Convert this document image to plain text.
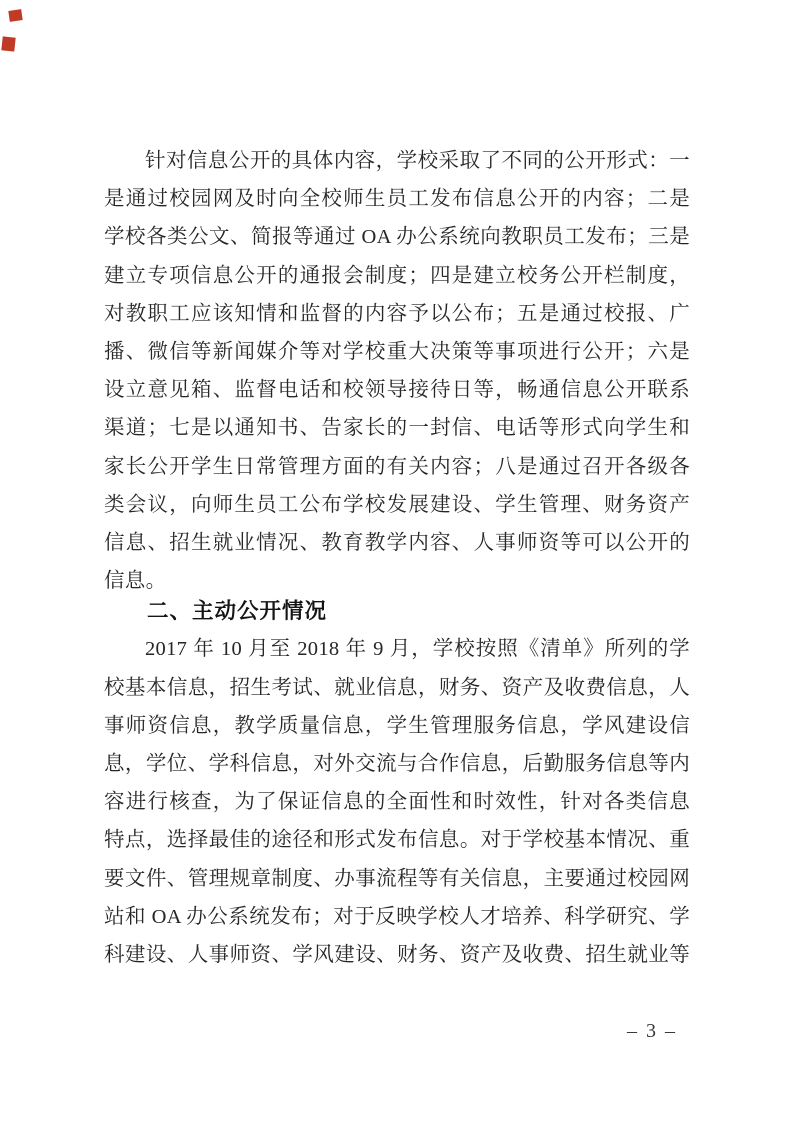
针对信息公开的具体内容，学校采取了不同的公开形式：一
是通过校园网及时向全校师生员工发布信息公开的内容；二是
学校各类公文、简报等通过 OA 办公系统向教职员工发布；三是
建立专项信息公开的通报会制度；四是建立校务公开栏制度，
对教职工应该知情和监督的内容予以公布；五是通过校报、广
播、微信等新闻媒介等对学校重大决策等事项进行公开；六是
设立意见箱、监督电话和校领导接待日等，畅通信息公开联系
渠道；七是以通知书、告家长的一封信、电话等形式向学生和
家长公开学生日常管理方面的有关内容；八是通过召开各级各
类会议，向师生员工公布学校发展建设、学生管理、财务资产
信息、招生就业情况、教育教学内容、人事师资等可以公开的
信息。
二、主动公开情况
2017 年 10 月至 2018 年 9 月，学校按照《清单》所列的学
校基本信息，招生考试、就业信息，财务、资产及收费信息，人
事师资信息，教学质量信息，学生管理服务信息，学风建设信
息，学位、学科信息，对外交流与合作信息，后勤服务信息等内
容进行核查，为了保证信息的全面性和时效性，针对各类信息
特点，选择最佳的途径和形式发布信息。对于学校基本情况、重
要文件、管理规章制度、办事流程等有关信息，主要通过校园网
站和 OA 办公系统发布；对于反映学校人才培养、科学研究、学
科建设、人事师资、学风建设、财务、资产及收费、招生就业等
– 3 –
